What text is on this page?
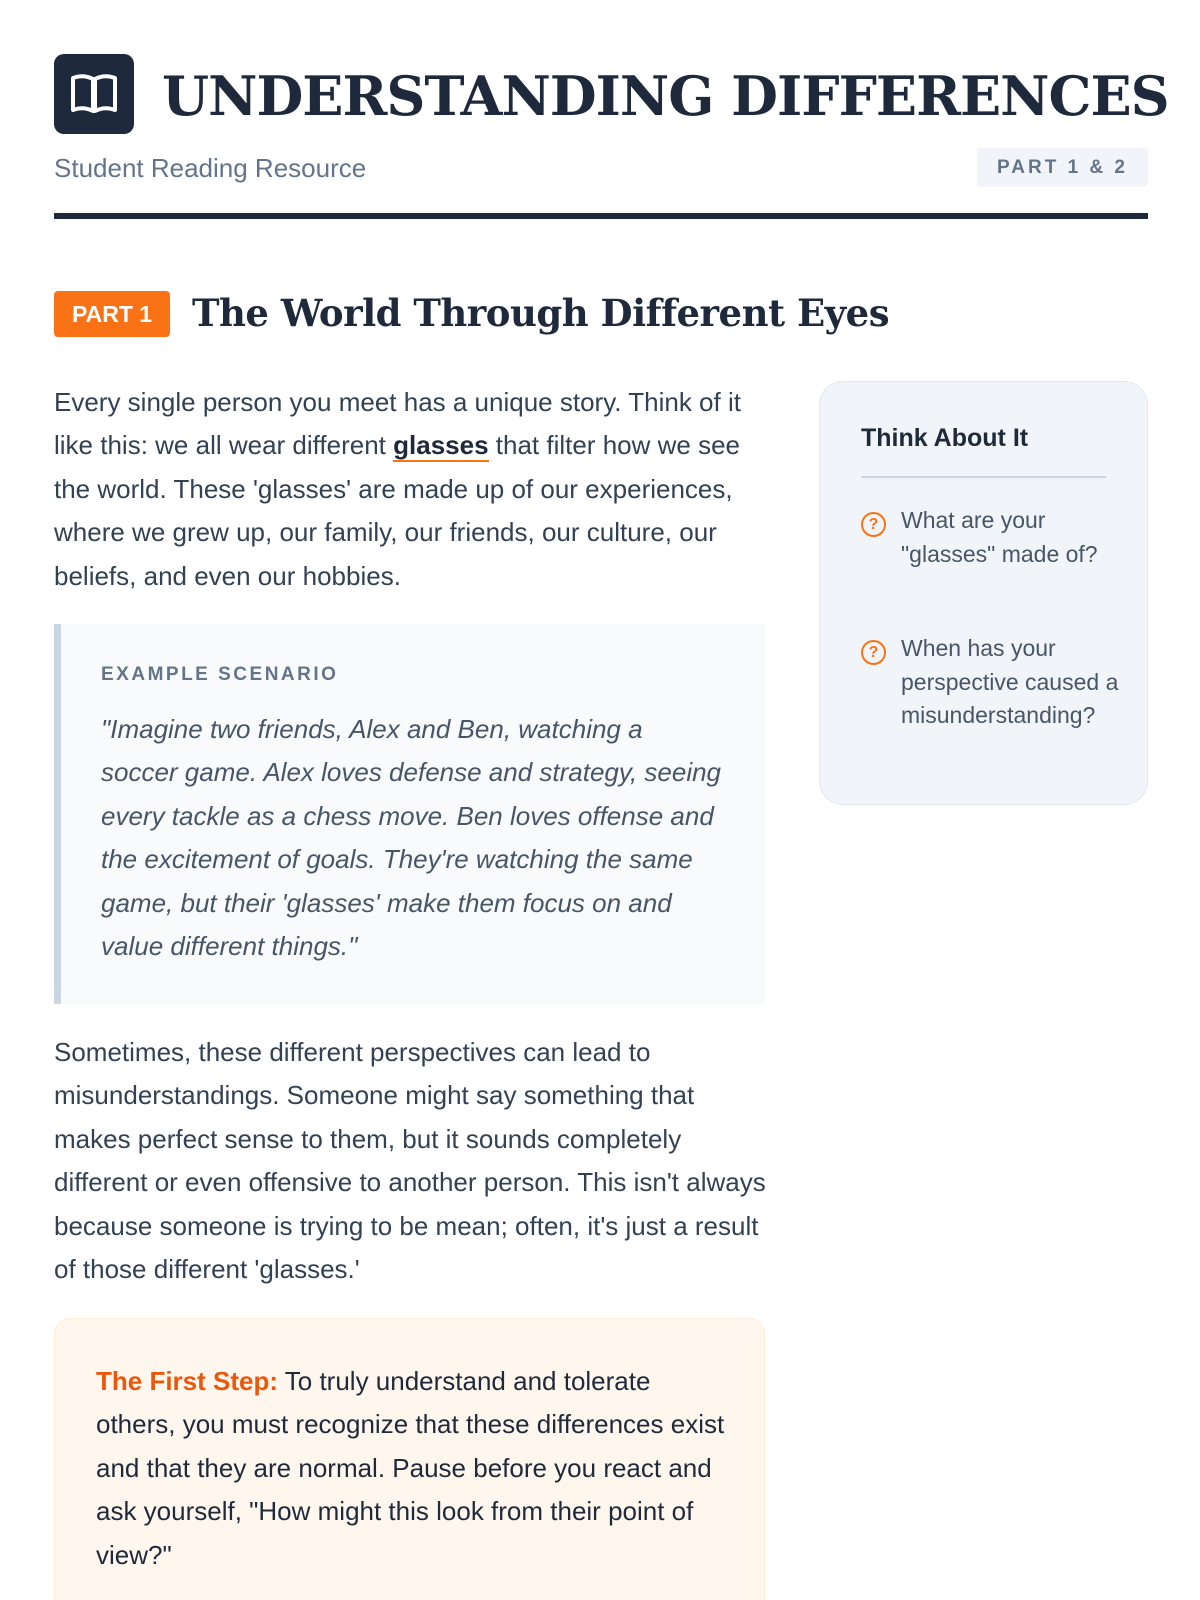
UNDERSTANDING DIFFERENCES
Student Reading Resource	PART 1 & 2
PART 1	The World Through Different Eyes

Every single person you meet has a unique story. Think of it like this: we all wear different glasses that filter how we see the world. These 'glasses' are made up of our experiences, where we grew up, our family, our friends, our culture, our beliefs, and even our hobbies.

EXAMPLE SCENARIO

"Imagine two friends, Alex and Ben, watching a soccer game. Alex loves defense and strategy, seeing every tackle as a chess move. Ben loves offense and the excitement of goals. They're watching the same game, but their 'glasses' make them focus on and value different things."

Sometimes, these different perspectives can lead to misunderstandings. Someone might say something that makes perfect sense to them, but it sounds completely different or even offensive to another person. This isn't always because someone is trying to be mean; often, it's just a result of those different 'glasses.'

The First Step: To truly understand and tolerate others, you must recognize that these differences exist and that they are normal. Pause before you react and ask yourself, "How might this look from their point of view?"

Think About It
? What are your "glasses" made of?
? When has your perspective caused a misunderstanding?
